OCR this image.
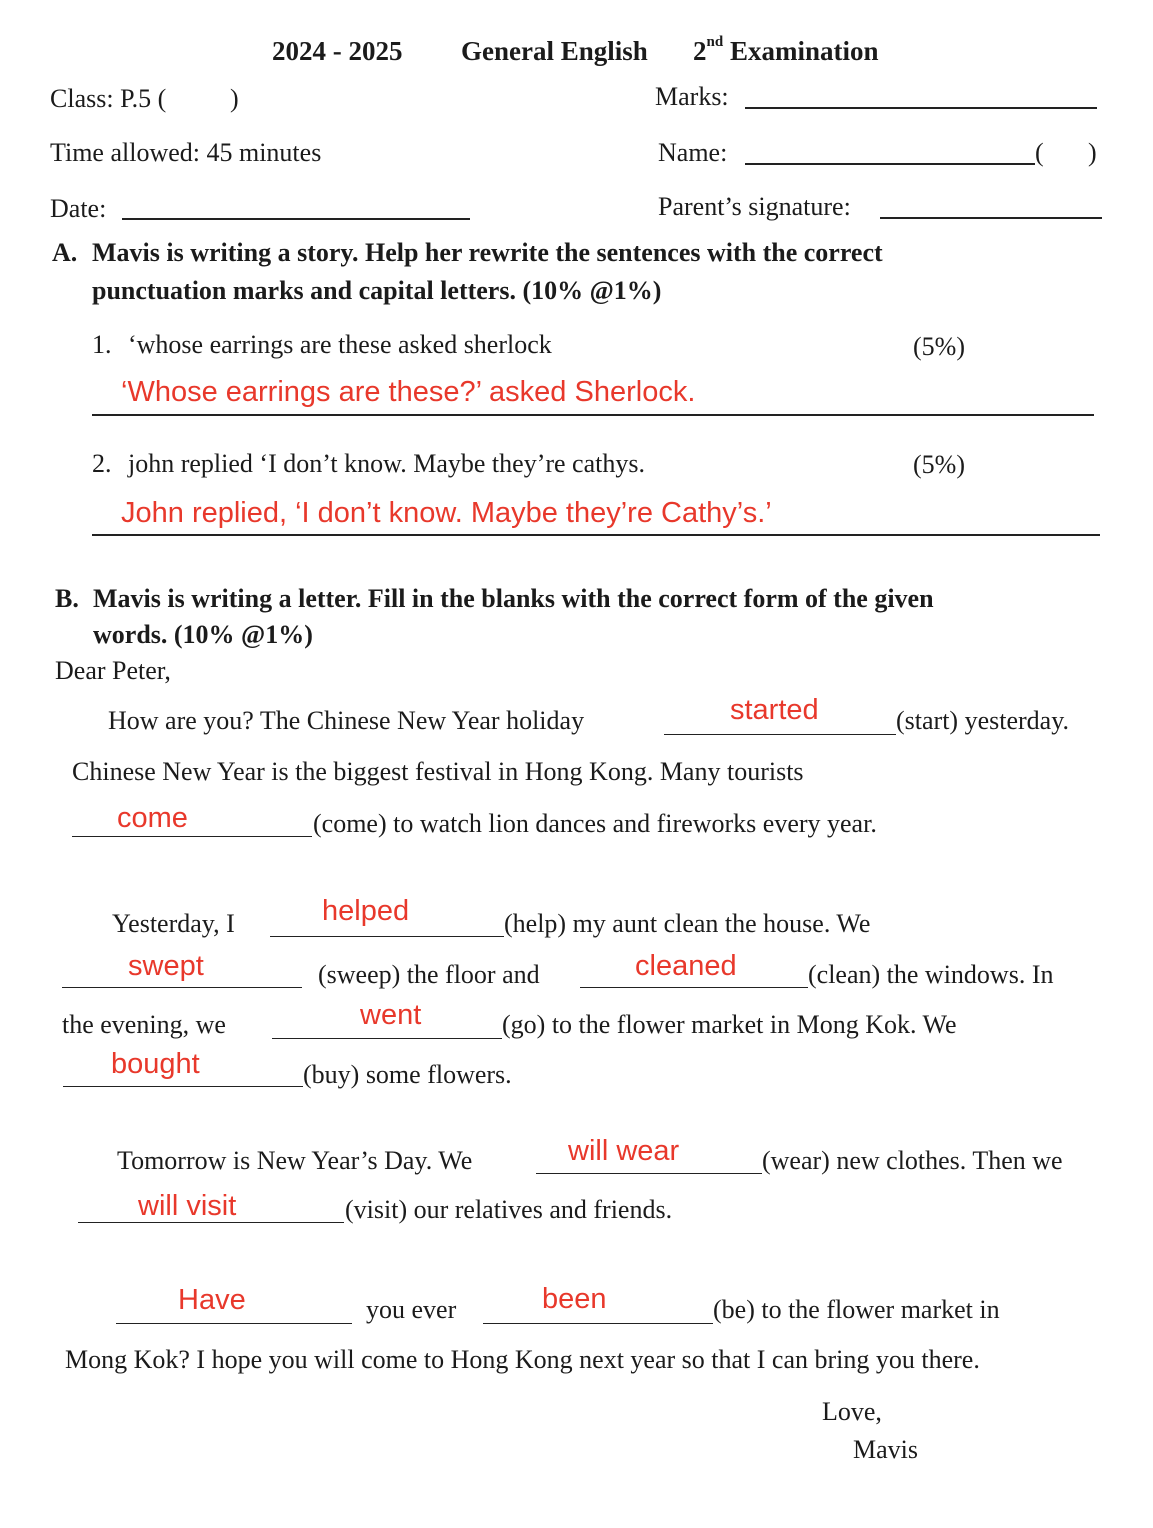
2024 - 2025 General English 2nd Examination
Class: P.5 ( )	Marks:
Time allowed: 45 minutes	Name:	( )
Date:	Parent’s signature:
A. Mavis is writing a story. Help her rewrite the sentences with the correct
punctuation marks and capital letters. (10% @1%)
1. ‘whose earrings are these asked sherlock	(5%)
‘Whose earrings are these?’ asked Sherlock.
2. john replied ‘I don’t know. Maybe they’re cathys.	(5%)
John replied, ‘I don’t know. Maybe they’re Cathy’s.’
B. Mavis is writing a letter. Fill in the blanks with the correct form of the given
words. (10% @1%)
Dear Peter,
How are you? The Chinese New Year holiday	started	(start) yesterday.
Chinese New Year is the biggest festival in Hong Kong. Many tourists
come	(come) to watch lion dances and fireworks every year.
Yesterday, I	helped	(help) my aunt clean the house. We
swept	(sweep) the floor and	cleaned	(clean) the windows. In
the evening, we	went	(go) to the flower market in Mong Kok. We
bought	(buy) some flowers.
Tomorrow is New Year’s Day. We	will wear	(wear) new clothes. Then we
will visit	(visit) our relatives and friends.
Have	you ever	been	(be) to the flower market in
Mong Kok? I hope you will come to Hong Kong next year so that I can bring you there.
Love,
Mavis
